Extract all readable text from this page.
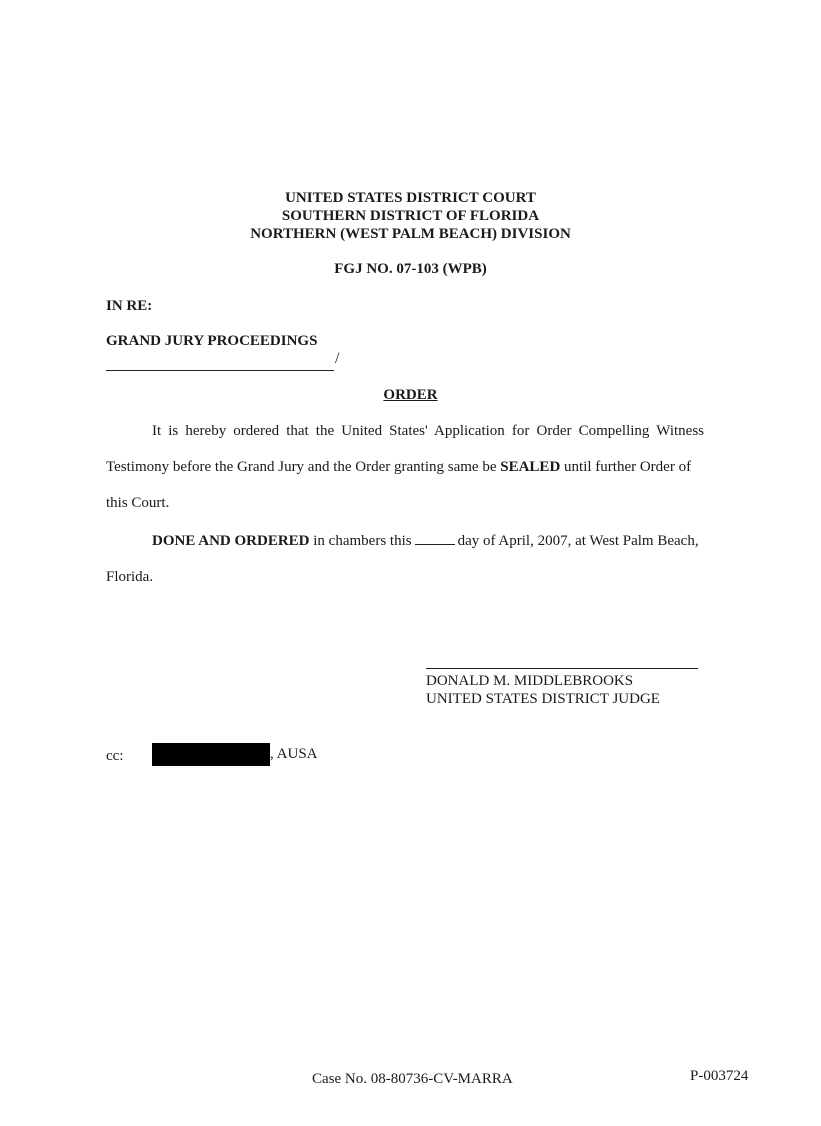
UNITED STATES DISTRICT COURT
SOUTHERN DISTRICT OF FLORIDA
NORTHERN (WEST PALM BEACH) DIVISION
FGJ NO. 07-103 (WPB)
IN RE:
GRAND JURY PROCEEDINGS
/
ORDER
It is hereby ordered that the United States' Application for Order Compelling Witness
Testimony before the Grand Jury and the Order granting same be SEALED until further Order of
this Court.
DONE AND ORDERED in chambers this	day of April, 2007, at West Palm Beach,
Florida.
DONALD M. MIDDLEBROOKS
UNITED STATES DISTRICT JUDGE
cc:	, AUSA
Case No. 08-80736-CV-MARRA	P-003724
